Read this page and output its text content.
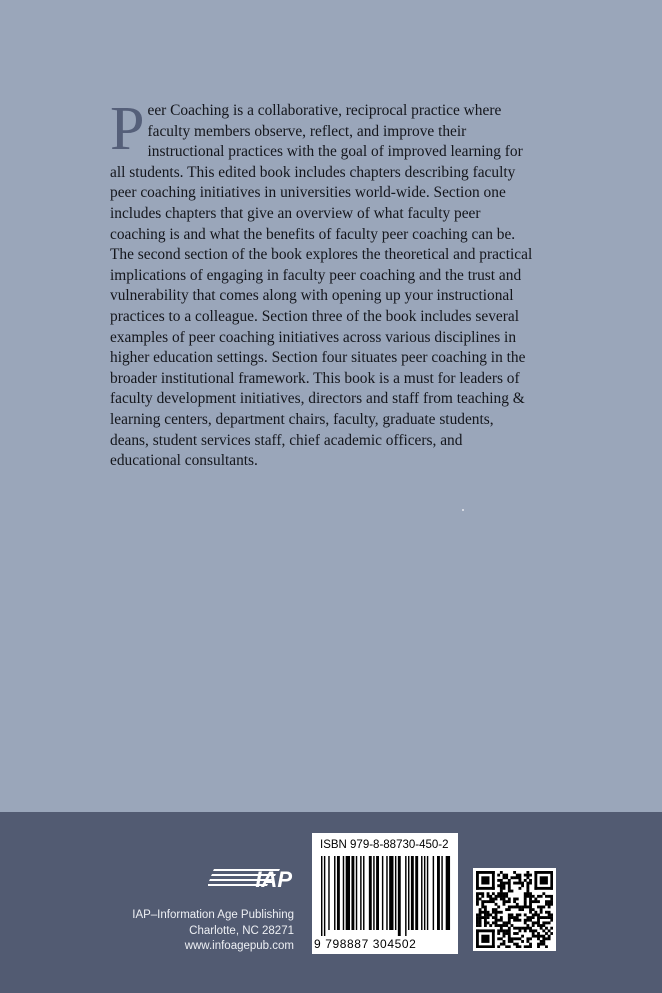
Peer Coaching is a collaborative, reciprocal practice where faculty members observe, reflect, and improve their instructional practices with the goal of improved learning for all students. This edited book includes chapters describing faculty peer coaching initiatives in universities world-wide. Section one includes chapters that give an overview of what faculty peer coaching is and what the benefits of faculty peer coaching can be. The second section of the book explores the theoretical and practical implications of engaging in faculty peer coaching and the trust and vulnerability that comes along with opening up your instructional practices to a colleague. Section three of the book includes several examples of peer coaching initiatives across various disciplines in higher education settings. Section four situates peer coaching in the broader institutional framework. This book is a must for leaders of faculty development initiatives, directors and staff from teaching & learning centers, department chairs, faculty, graduate students, deans, student services staff, chief academic officers, and educational consultants.
IAP
IAP–Information Age Publishing
Charlotte, NC 28271
www.infoagepub.com
ISBN 979-8-88730-450-2
9 798887 304502
